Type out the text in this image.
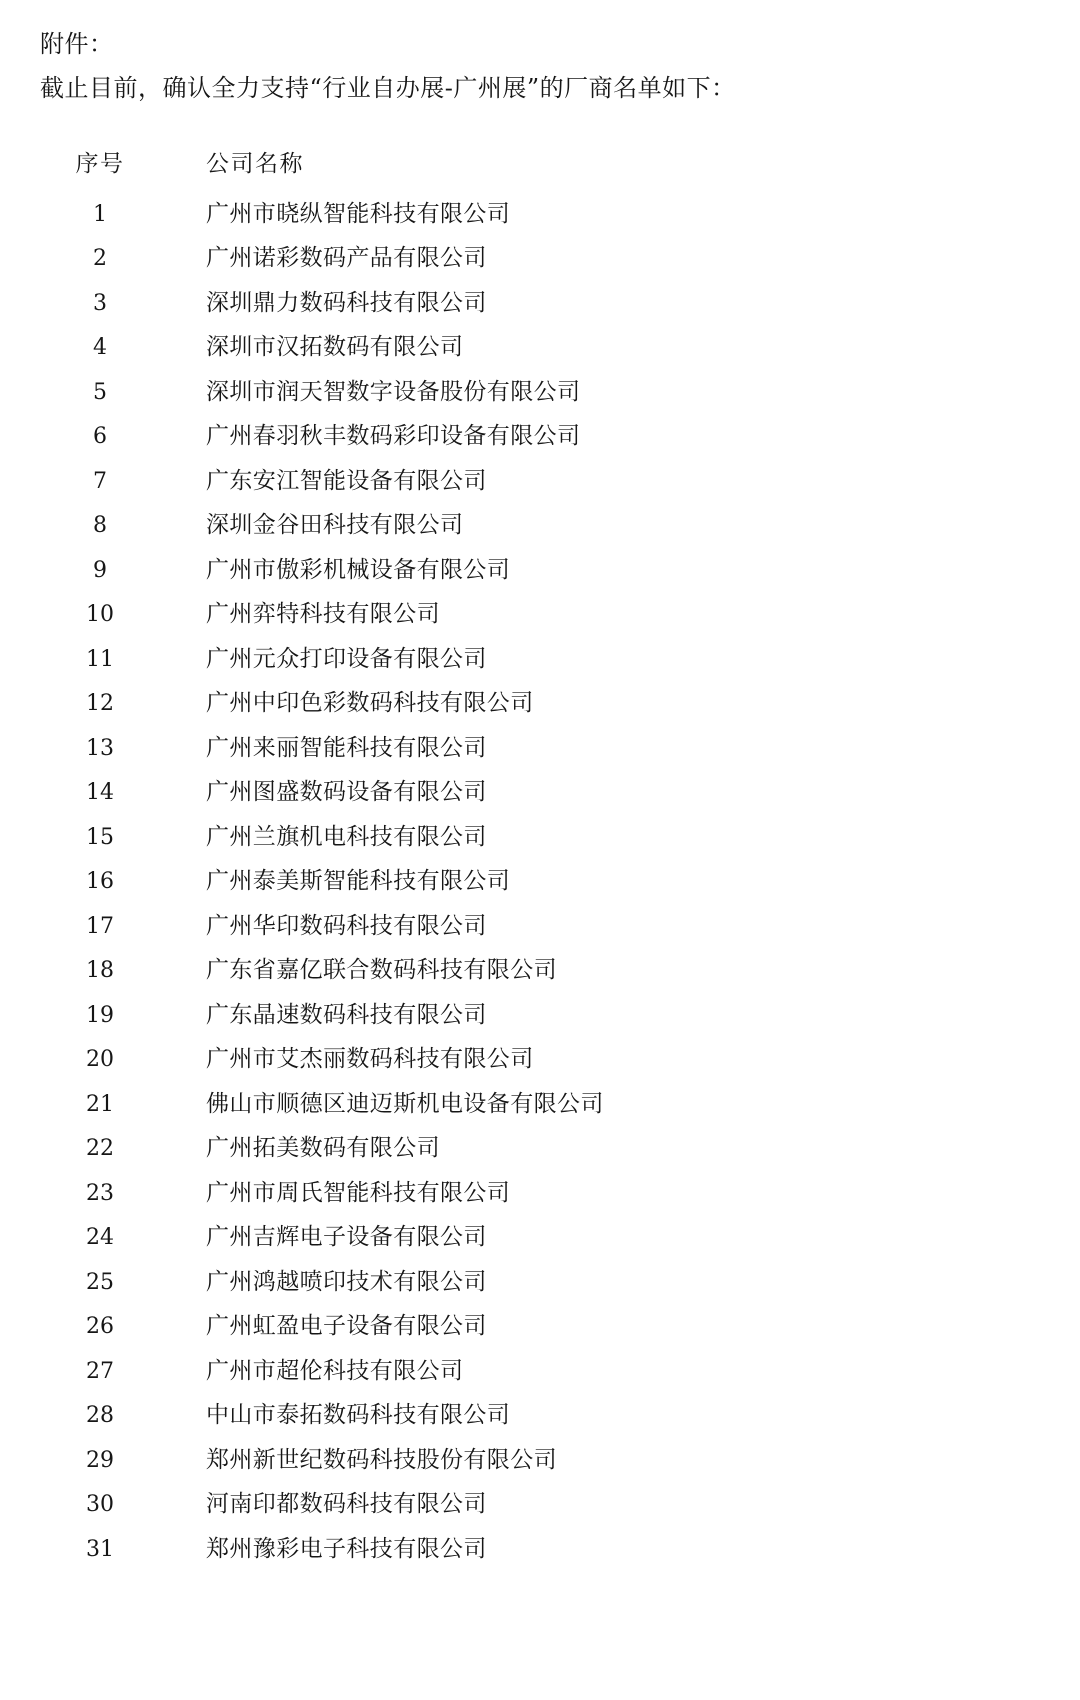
附件：
截止目前，确认全力支持“行业自办展-广州展”的厂商名单如下：
序号	公司名称
1	广州市晓纵智能科技有限公司
2	广州诺彩数码产品有限公司
3	深圳鼎力数码科技有限公司
4	深圳市汉拓数码有限公司
5	深圳市润天智数字设备股份有限公司
6	广州春羽秋丰数码彩印设备有限公司
7	广东安江智能设备有限公司
8	深圳金谷田科技有限公司
9	广州市傲彩机械设备有限公司
10	广州弈特科技有限公司
11	广州元众打印设备有限公司
12	广州中印色彩数码科技有限公司
13	广州来丽智能科技有限公司
14	广州图盛数码设备有限公司
15	广州兰旗机电科技有限公司
16	广州泰美斯智能科技有限公司
17	广州华印数码科技有限公司
18	广东省嘉亿联合数码科技有限公司
19	广东晶速数码科技有限公司
20	广州市艾杰丽数码科技有限公司
21	佛山市顺德区迪迈斯机电设备有限公司
22	广州拓美数码有限公司
23	广州市周氏智能科技有限公司
24	广州吉辉电子设备有限公司
25	广州鸿越喷印技术有限公司
26	广州虹盈电子设备有限公司
27	广州市超伦科技有限公司
28	中山市泰拓数码科技有限公司
29	郑州新世纪数码科技股份有限公司
30	河南印都数码科技有限公司
31	郑州豫彩电子科技有限公司
